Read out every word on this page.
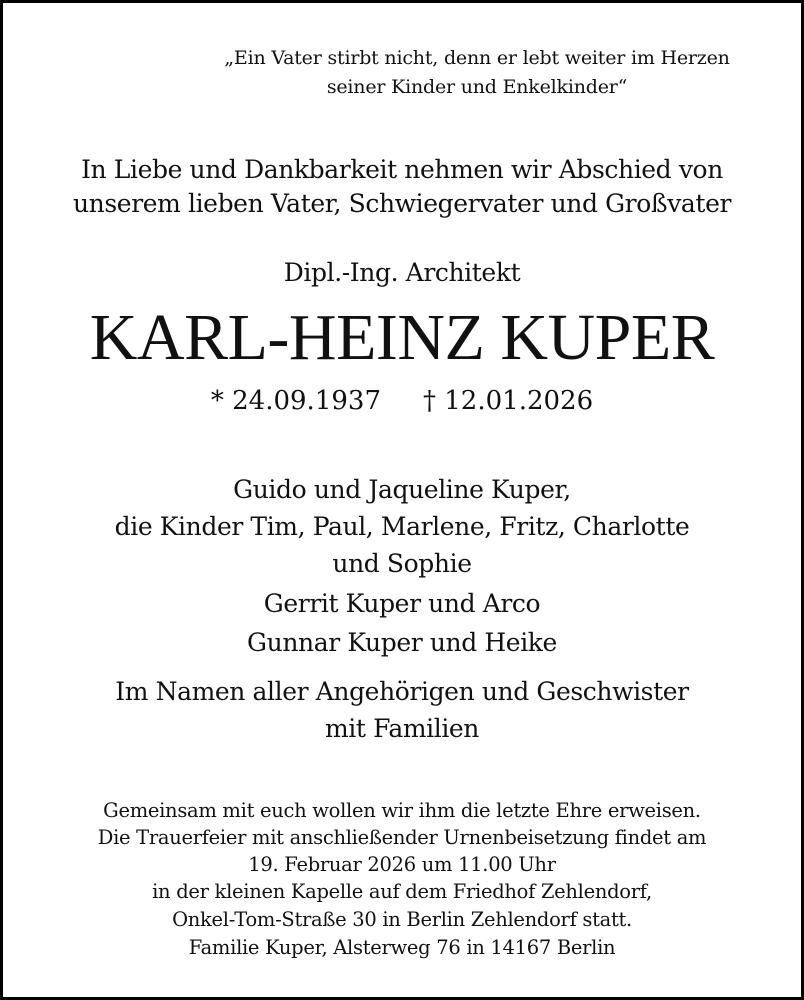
„Ein Vater stirbt nicht, denn er lebt weiter im Herzen
seiner Kinder und Enkelkinder“
In Liebe und Dankbarkeit nehmen wir Abschied von
unserem lieben Vater, Schwiegervater und Großvater
Dipl.-Ing. Architekt
KARL-HEINZ KUPER
* 24.09.1937 † 12.01.2026
Guido und Jaqueline Kuper,
die Kinder Tim, Paul, Marlene, Fritz, Charlotte
und Sophie
Gerrit Kuper und Arco
Gunnar Kuper und Heike
Im Namen aller Angehörigen und Geschwister
mit Familien
Gemeinsam mit euch wollen wir ihm die letzte Ehre erweisen.
Die Trauerfeier mit anschließender Urnenbeisetzung findet am
19. Februar 2026 um 11.00 Uhr
in der kleinen Kapelle auf dem Friedhof Zehlendorf,
Onkel-Tom-Straße 30 in Berlin Zehlendorf statt.
Familie Kuper, Alsterweg 76 in 14167 Berlin
